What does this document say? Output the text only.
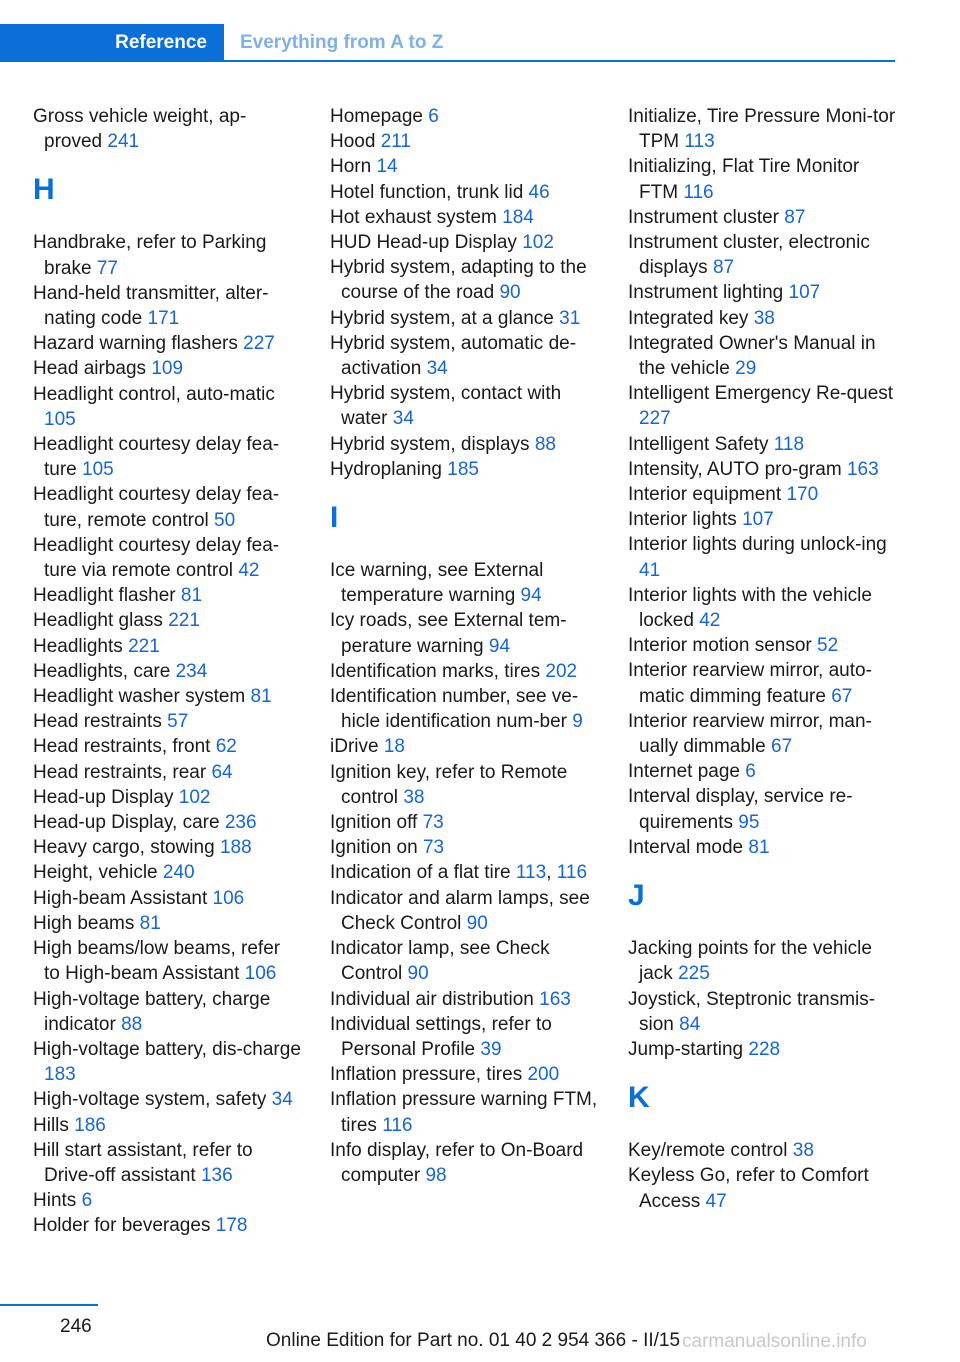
Reference	Everything from A to Z
Gross vehicle weight, ap-proved 241
H
Handbrake, refer to Parking brake 77
Hand-held transmitter, alter-nating code 171
Hazard warning flashers 227
Head airbags 109
Headlight control, auto-matic 105
Headlight courtesy delay fea-ture 105
Headlight courtesy delay fea-ture, remote control 50
Headlight courtesy delay fea-ture via remote control 42
Headlight flasher 81
Headlight glass 221
Headlights 221
Headlights, care 234
Headlight washer system 81
Head restraints 57
Head restraints, front 62
Head restraints, rear 64
Head-up Display 102
Head-up Display, care 236
Heavy cargo, stowing 188
Height, vehicle 240
High-beam Assistant 106
High beams 81
High beams/low beams, refer to High-beam Assistant 106
High-voltage battery, charge indicator 88
High-voltage battery, dis-charge 183
High-voltage system, safety 34
Hills 186
Hill start assistant, refer to Drive-off assistant 136
Hints 6
Holder for beverages 178
Homepage 6
Hood 211
Horn 14
Hotel function, trunk lid 46
Hot exhaust system 184
HUD Head-up Display 102
Hybrid system, adapting to the course of the road 90
Hybrid system, at a glance 31
Hybrid system, automatic de-activation 34
Hybrid system, contact with water 34
Hybrid system, displays 88
Hydroplaning 185
I
Ice warning, see External temperature warning 94
Icy roads, see External tem-perature warning 94
Identification marks, tires 202
Identification number, see ve-hicle identification num-ber 9
iDrive 18
Ignition key, refer to Remote control 38
Ignition off 73
Ignition on 73
Indication of a flat tire 113, 116
Indicator and alarm lamps, see Check Control 90
Indicator lamp, see Check Control 90
Individual air distribution 163
Individual settings, refer to Personal Profile 39
Inflation pressure, tires 200
Inflation pressure warning FTM, tires 116
Info display, refer to On-Board computer 98
Initialize, Tire Pressure Moni-tor TPM 113
Initializing, Flat Tire Monitor FTM 116
Instrument cluster 87
Instrument cluster, electronic displays 87
Instrument lighting 107
Integrated key 38
Integrated Owner's Manual in the vehicle 29
Intelligent Emergency Re-quest 227
Intelligent Safety 118
Intensity, AUTO pro-gram 163
Interior equipment 170
Interior lights 107
Interior lights during unlock-ing 41
Interior lights with the vehicle locked 42
Interior motion sensor 52
Interior rearview mirror, auto-matic dimming feature 67
Interior rearview mirror, man-ually dimmable 67
Internet page 6
Interval display, service re-quirements 95
Interval mode 81
J
Jacking points for the vehicle jack 225
Joystick, Steptronic transmis-sion 84
Jump-starting 228
K
Key/remote control 38
Keyless Go, refer to Comfort Access 47
246
Online Edition for Part no. 01 40 2 954 366 - II/15 carmanualsonline.info
